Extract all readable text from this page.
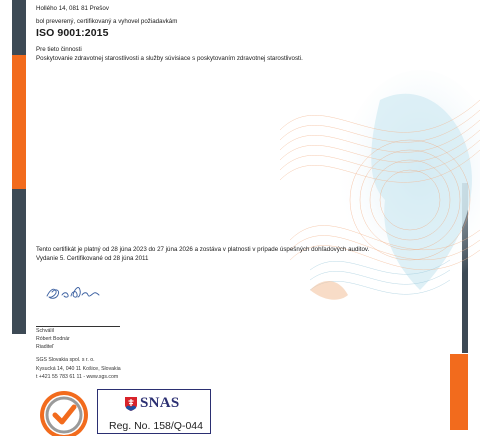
Hollého 14, 081 81 Prešov
bol preverený, certifikovaný a vyhovel požiadavkám
ISO 9001:2015
Pre tieto činnosti
Poskytovanie zdravotnej starostlivosti a služby súvisiace s poskytovaním zdravotnej starostlivosti.
Tento certifikát je platný od 28 júna 2023 do 27 júna 2026 a zostáva v platnosti v prípade úspešných dohľadových auditov.
Vydanie 5. Certifikované od 28 júna 2011
Schválil
Róbert Bodnár
Riaditeľ
SGS Slovakia spol. s r. o.
Kysucká 14, 040 11 Košice, Slovakia
t +421 55 783 61 11 - www.sgs.com
SNAS
Reg. No. 158/Q-044
